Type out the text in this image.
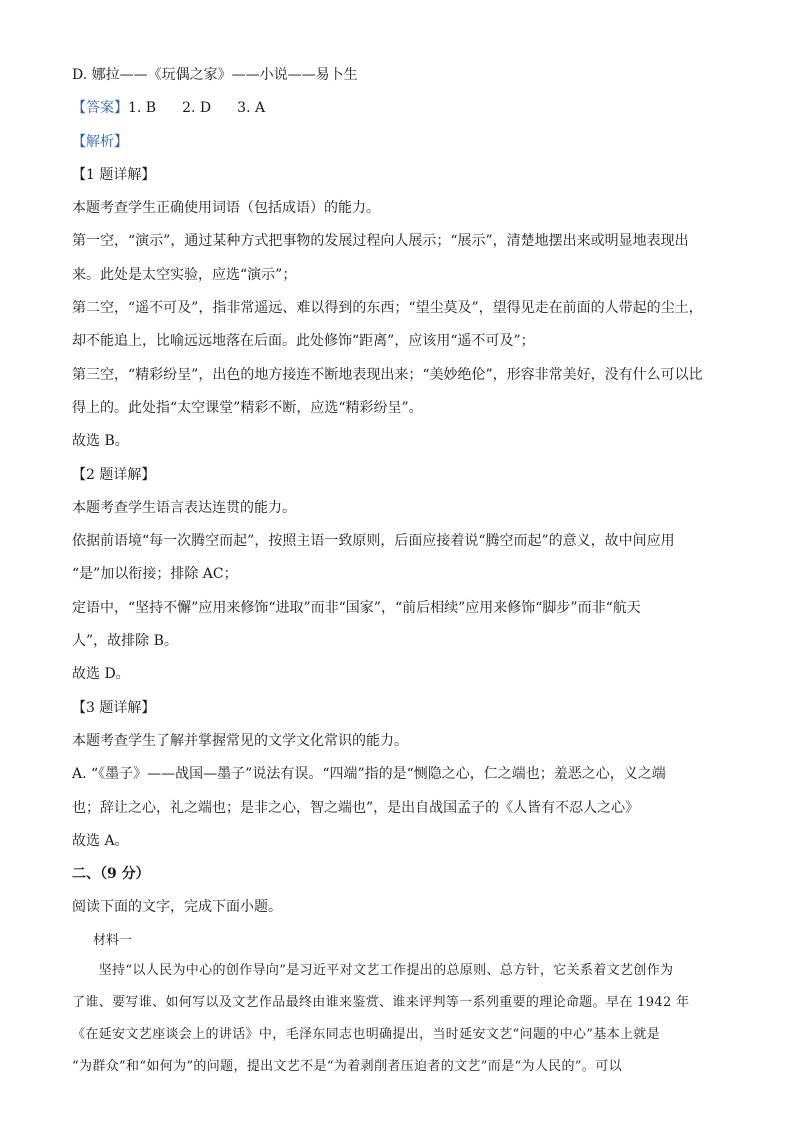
D. 娜拉——《玩偶之家》——小说——易卜生

【答案】1. B 2. D 3. A

【解析】

【1 题详解】

本题考查学生正确使用词语（包括成语）的能力。
第一空，“演示”，通过某种方式把事物的发展过程向人展示；“展示”，清楚地摆出来或明显地表现出
来。此处是太空实验，应选“演示”；
第二空，“遥不可及”，指非常遥远、难以得到的东西；“望尘莫及”，望得见走在前面的人带起的尘土，
却不能追上，比喻远远地落在后面。此处修饰“距离”，应该用“遥不可及”；
第三空，“精彩纷呈”，出色的地方接连不断地表现出来；“美妙绝伦”，形容非常美好，没有什么可以比
得上的。此处指“太空课堂”精彩不断，应选“精彩纷呈”。
故选 B。

【2 题详解】

本题考查学生语言表达连贯的能力。
依据前语境“每一次腾空而起”，按照主语一致原则，后面应接着说“腾空而起”的意义，故中间应用
“是”加以衔接；排除 AC；
定语中，“坚持不懈”应用来修饰“进取”而非“国家”，“前后相续”应用来修饰“脚步”而非“航天
人”，故排除 B。
故选 D。

【3 题详解】

本题考查学生了解并掌握常见的文学文化常识的能力。
A. “《墨子》——战国—墨子”说法有误。“四端”指的是“恻隐之心，仁之端也；羞恶之心，义之端
也；辞让之心，礼之端也；是非之心，智之端也”，是出自战国孟子的《人皆有不忍人之心》
故选 A。

二、（9 分）

阅读下面的文字，完成下面小题。

材料一

　　坚持“以人民为中心的创作导向”是习近平对文艺工作提出的总原则、总方针，它关系着文艺创作为
了谁、要写谁、如何写以及文艺作品最终由谁来鉴赏、谁来评判等一系列重要的理论命题。早在 1942 年
《在延安文艺座谈会上的讲话》中，毛泽东同志也明确提出，当时延安文艺“问题的中心”基本上就是
“为群众”和“如何为”的问题，提出文艺不是“为着剥削者压迫者的文艺”而是“为人民的”。可以
